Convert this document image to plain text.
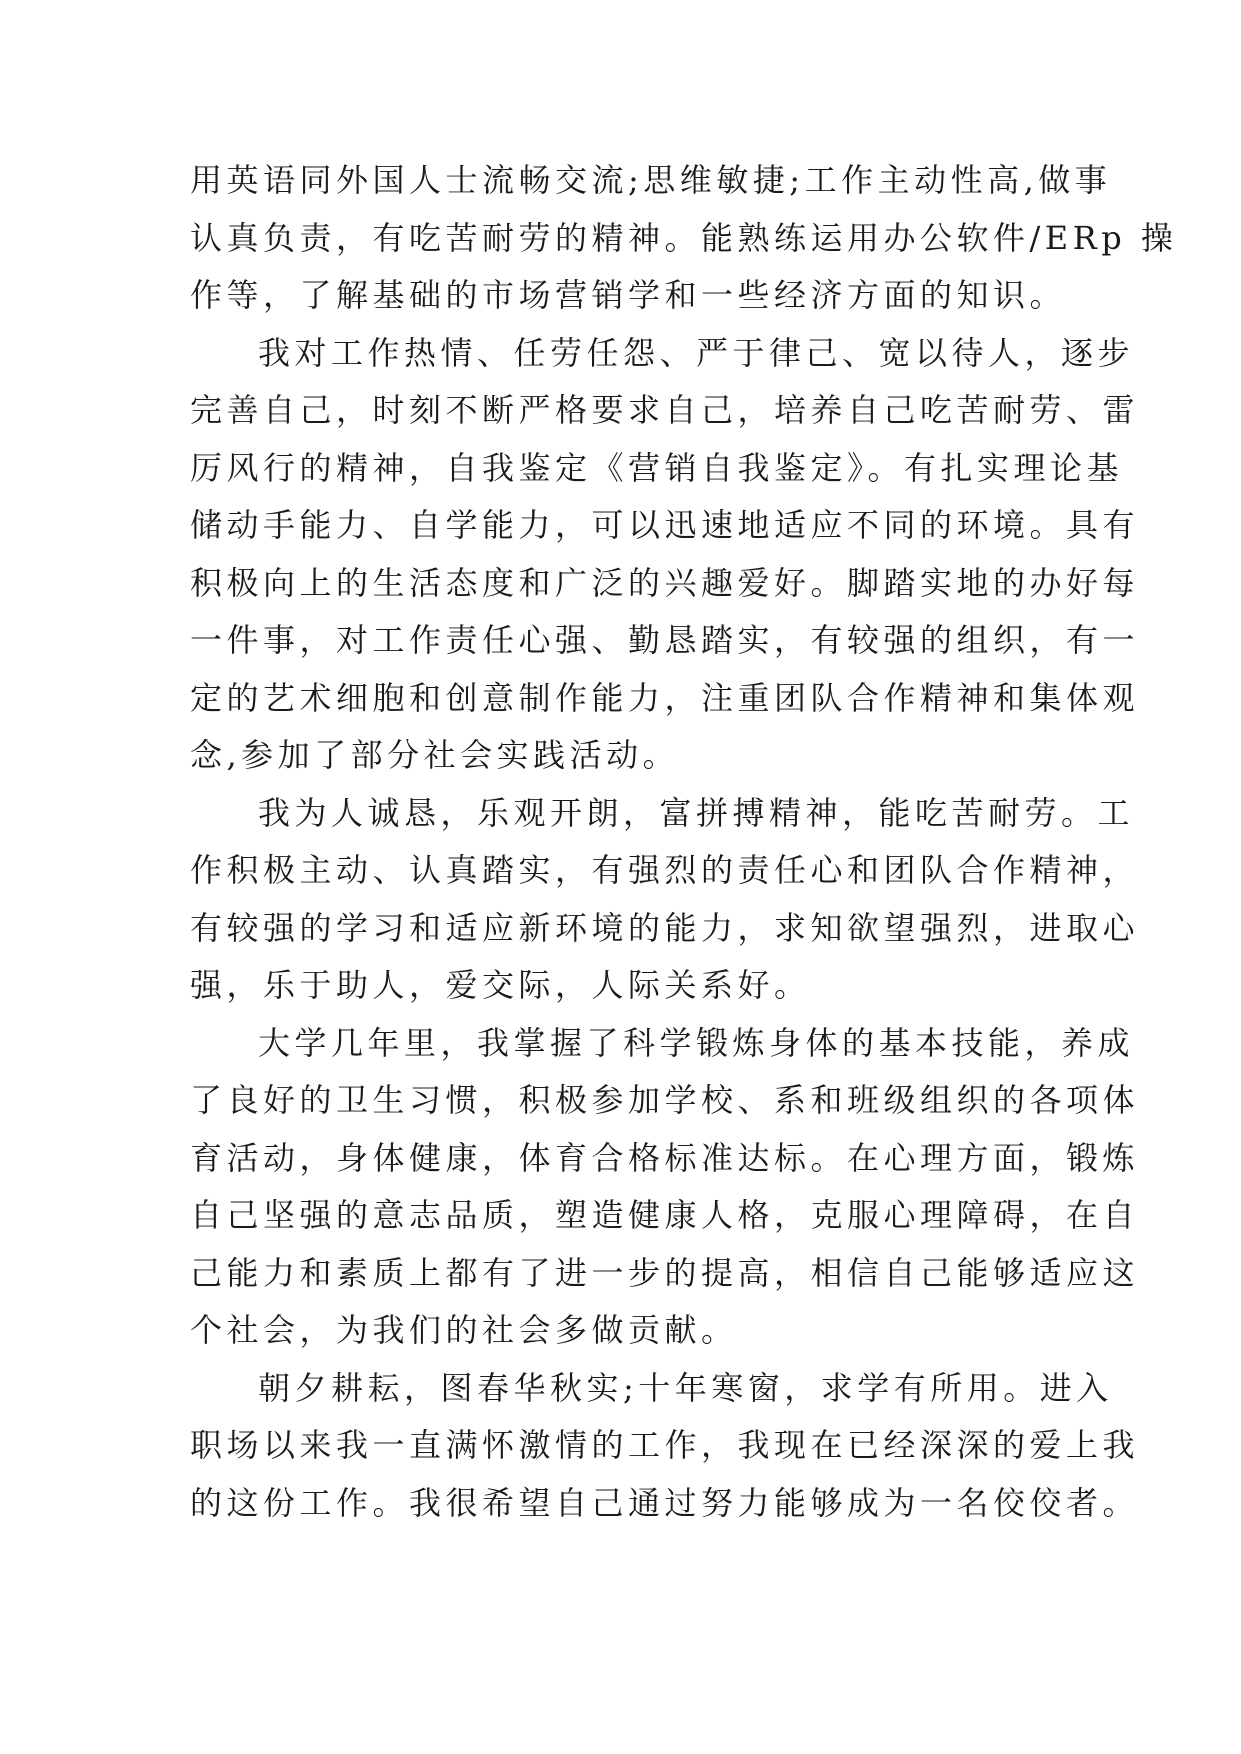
用英语同外国人士流畅交流;思维敏捷;工作主动性高,做事
认真负责，有吃苦耐劳的精神。能熟练运用办公软件/ERp 操
作等，了解基础的市场营销学和一些经济方面的知识。
我对工作热情、任劳任怨、严于律己、宽以待人，逐步
完善自己，时刻不断严格要求自己，培养自己吃苦耐劳、雷
厉风行的精神，自我鉴定《营销自我鉴定》。有扎实理论基
储动手能力、自学能力，可以迅速地适应不同的环境。具有
积极向上的生活态度和广泛的兴趣爱好。脚踏实地的办好每
一件事，对工作责任心强、勤恳踏实，有较强的组织，有一
定的艺术细胞和创意制作能力，注重团队合作精神和集体观
念,参加了部分社会实践活动。
我为人诚恳，乐观开朗，富拼搏精神，能吃苦耐劳。工
作积极主动、认真踏实，有强烈的责任心和团队合作精神，
有较强的学习和适应新环境的能力，求知欲望强烈，进取心
强，乐于助人，爱交际，人际关系好。
大学几年里，我掌握了科学锻炼身体的基本技能，养成
了良好的卫生习惯，积极参加学校、系和班级组织的各项体
育活动，身体健康，体育合格标准达标。在心理方面，锻炼
自己坚强的意志品质，塑造健康人格，克服心理障碍，在自
己能力和素质上都有了进一步的提高，相信自己能够适应这
个社会，为我们的社会多做贡献。
朝夕耕耘，图春华秋实;十年寒窗，求学有所用。进入
职场以来我一直满怀激情的工作，我现在已经深深的爱上我
的这份工作。我很希望自己通过努力能够成为一名佼佼者。
